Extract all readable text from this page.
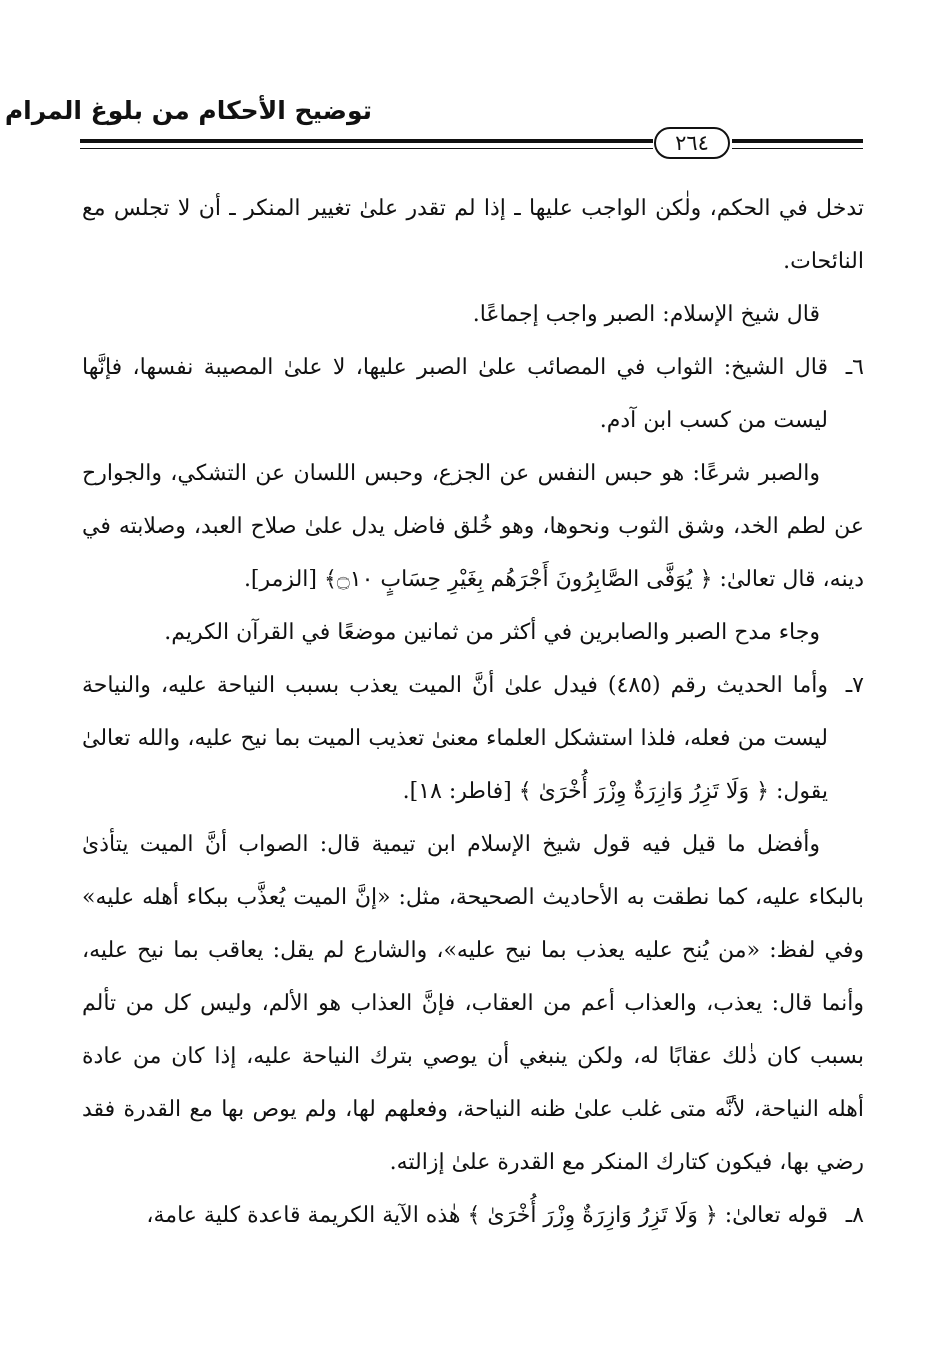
توضيح الأحكام من بلوغ المرام
٢٦٤

تدخل في الحكم، ولٰكن الواجب عليها ـ إذا لم تقدر علىٰ تغيير المنكر ـ أن لا تجلس مع النائحات.

قال شيخ الإسلام: الصبر واجب إجماعًا.

٦ـ
قال الشيخ: الثواب في المصائب علىٰ الصبر عليها، لا علىٰ المصيبة نفسها، فإنَّها ليست من كسب ابن آدم.

والصبر شرعًا: هو حبس النفس عن الجزع، وحبس اللسان عن التشكي، والجوارح عن لطم الخد، وشق الثوب ونحوها، وهو خُلق فاضل يدل علىٰ صلاح العبد، وصلابته في دينه، قال تعالىٰ: ﴿ يُوَفَّى الصَّابِرُونَ أَجْرَهُم بِغَيْرِ حِسَابٍ ۝١٠﴾ [الزمر].

وجاء مدح الصبر والصابرين في أكثر من ثمانين موضعًا في القرآن الكريم.

٧ـ
وأما الحديث رقم (٤٨٥) فيدل علىٰ أنَّ الميت يعذب بسبب النياحة عليه، والنياحة ليست من فعله، فلذا استشكل العلماء معنىٰ تعذيب الميت بما نيح عليه، والله تعالىٰ يقول: ﴿ وَلَا تَزِرُ وَازِرَةٌ وِزْرَ أُخْرَىٰ ﴾ [فاطر: ١٨].

وأفضل ما قيل فيه قول شيخ الإسلام ابن تيمية قال: الصواب أنَّ الميت يتأذىٰ بالبكاء عليه، كما نطقت به الأحاديث الصحيحة، مثل: «إنَّ الميت يُعذَّب ببكاء أهله عليه» وفي لفظ: «من يُنح عليه يعذب بما نيح عليه»، والشارع لم يقل: يعاقب بما نيح عليه، وأنما قال: يعذب، والعذاب أعم من العقاب، فإنَّ العذاب هو الألم، وليس كل من تألم بسبب كان ذٰلك عقابًا له، ولكن ينبغي أن يوصي بترك النياحة عليه، إذا كان من عادة أهله النياحة، لأنَّه متى غلب علىٰ ظنه النياحة، وفعلهم لها، ولم يوص بها مع القدرة فقد رضي بها، فيكون كتارك المنكر مع القدرة علىٰ إزالته.

٨ـ
قوله تعالىٰ: ﴿ وَلَا تَزِرُ وَازِرَةٌ وِزْرَ أُخْرَىٰ ﴾ هٰذه الآية الكريمة قاعدة كلية عامة،
